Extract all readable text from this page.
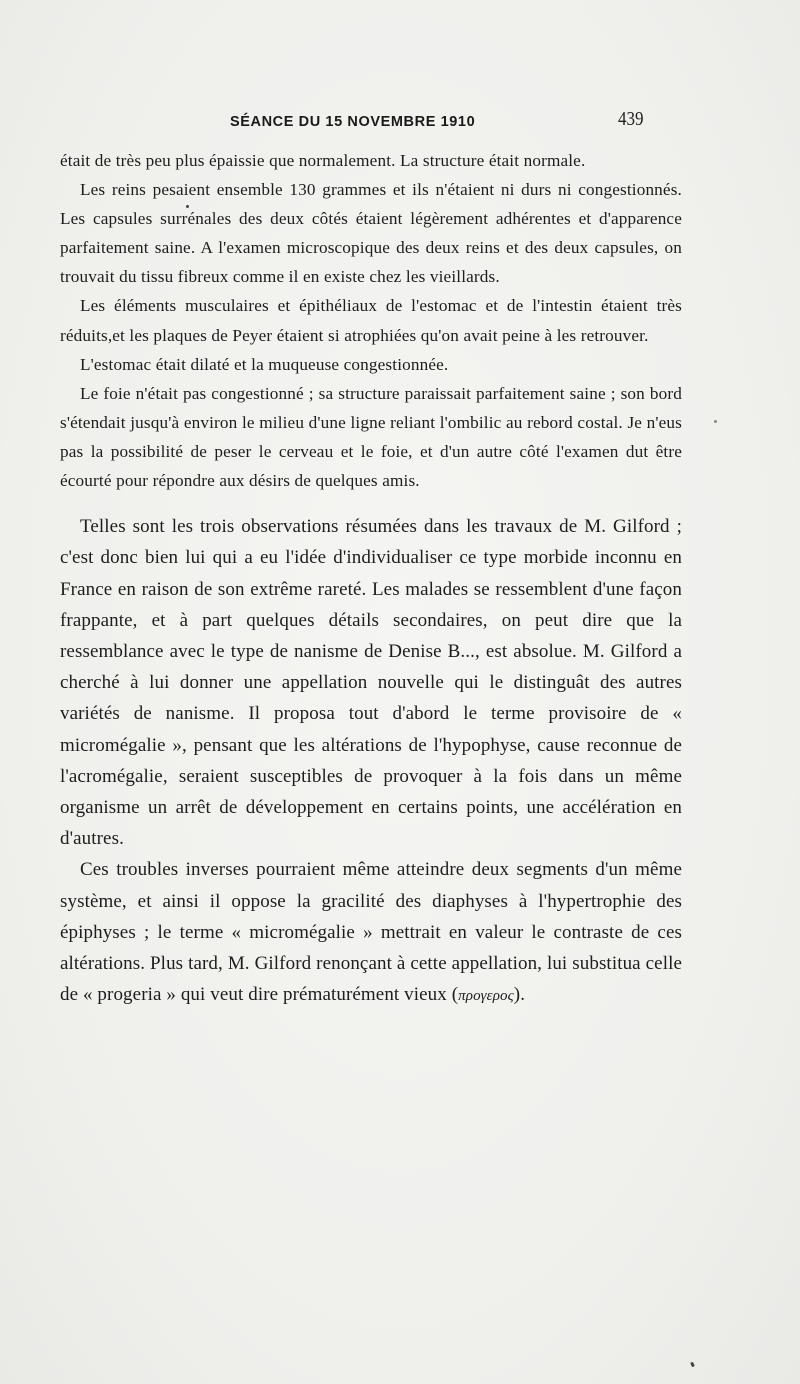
SÉANCE DU 15 NOVEMBRE 1910	439

était de très peu plus épaissie que normalement. La structure était normale.

Les reins pesaient ensemble 130 grammes et ils n'étaient ni durs ni congestionnés. Les capsules surrénales des deux côtés étaient légèrement adhérentes et d'apparence parfaitement saine. A l'examen microscopique des deux reins et des deux capsules, on trouvait du tissu fibreux comme il en existe chez les vieillards.

Les éléments musculaires et épithéliaux de l'estomac et de l'intestin étaient très réduits,et les plaques de Peyer étaient si atrophiées qu'on avait peine à les retrouver.

L'estomac était dilaté et la muqueuse congestionnée.

Le foie n'était pas congestionné ; sa structure paraissait parfaitement saine ; son bord s'étendait jusqu'à environ le milieu d'une ligne reliant l'ombilic au rebord costal. Je n'eus pas la possibilité de peser le cerveau et le foie, et d'un autre côté l'examen dut être écourté pour répondre aux désirs de quelques amis.

Telles sont les trois observations résumées dans les travaux de M. Gilford ; c'est donc bien lui qui a eu l'idée d'individualiser ce type morbide inconnu en France en raison de son extrême rareté. Les malades se ressemblent d'une façon frappante, et à part quelques détails secondaires, on peut dire que la ressemblance avec le type de nanisme de Denise B..., est absolue. M. Gilford a cherché à lui donner une appellation nouvelle qui le distinguât des autres variétés de nanisme. Il proposa tout d'abord le terme provisoire de « micromégalie », pensant que les altérations de l'hypophyse, cause reconnue de l'acromégalie, seraient susceptibles de provoquer à la fois dans un même organisme un arrêt de développement en certains points, une accélération en d'autres.

Ces troubles inverses pourraient même atteindre deux segments d'un même système, et ainsi il oppose la gracilité des diaphyses à l'hypertrophie des épiphyses ; le terme « micromégalie » mettrait en valeur le contraste de ces altérations. Plus tard, M. Gilford renonçant à cette appellation, lui substitua celle de « progeria » qui veut dire prématurément vieux (προγερος).
